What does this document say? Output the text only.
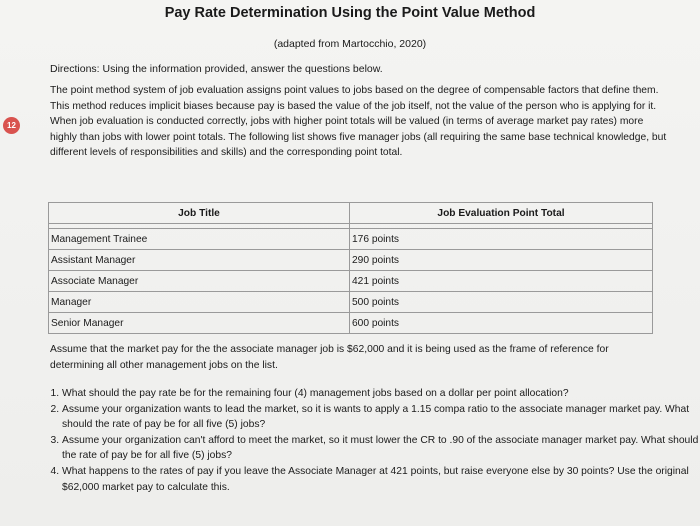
Pay Rate Determination Using the Point Value Method
(adapted from Martocchio, 2020)
12
Directions: Using the information provided, answer the questions below.
The point method system of job evaluation assigns point values to jobs based on the degree of compensable factors that define them. This method reduces implicit biases because pay is based the value of the job itself, not the value of the person who is applying for it. When job evaluation is conducted correctly, jobs with higher point totals will be valued (in terms of average market pay rates) more highly than jobs with lower point totals. The following list shows five manager jobs (all requiring the same base technical knowledge, but different levels of responsibilities and skills) and the corresponding point total.
Job Title	Job Evaluation Point Total

Management Trainee	176 points
Assistant Manager	290 points
Associate Manager	421 points
Manager	500 points
Senior Manager	600 points
Assume that the market pay for the the associate manager job is $62,000 and it is being used as the frame of reference for determining all other management jobs on the list.
1. What should the pay rate be for the remaining four (4) management jobs based on a dollar per point allocation?
2. Assume your organization wants to lead the market, so it is wants to apply a 1.15 compa ratio to the associate manager market pay. What should the rate of pay be for all five (5) jobs?
3. Assume your organization can't afford to meet the market, so it must lower the CR to .90 of the associate manager market pay. What should the rate of pay be for all five (5) jobs?
4. What happens to the rates of pay if you leave the Associate Manager at 421 points, but raise everyone else by 30 points? Use the original $62,000 market pay to calculate this.
